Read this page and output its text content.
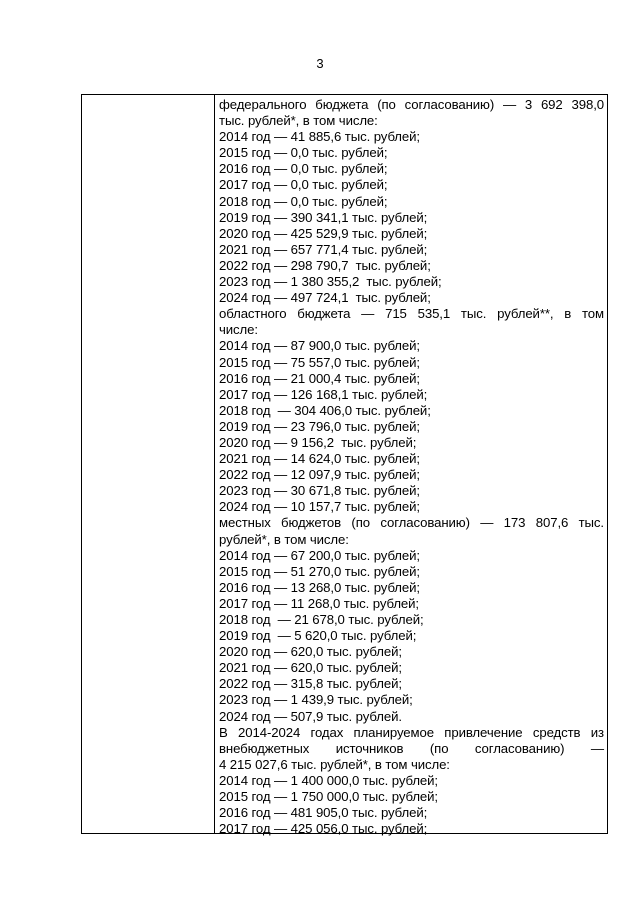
3
федерального бюджета (по согласованию) — 3 692 398,0
тыс. рублей*, в том числе:
2014 год — 41 885,6 тыс. рублей;
2015 год — 0,0 тыс. рублей;
2016 год — 0,0 тыс. рублей;
2017 год — 0,0 тыс. рублей;
2018 год — 0,0 тыс. рублей;
2019 год — 390 341,1 тыс. рублей;
2020 год — 425 529,9 тыс. рублей;
2021 год — 657 771,4 тыс. рублей;
2022 год — 298 790,7  тыс. рублей;
2023 год — 1 380 355,2  тыс. рублей;
2024 год — 497 724,1  тыс. рублей;
областного бюджета — 715 535,1 тыс. рублей**, в том
числе:
2014 год — 87 900,0 тыс. рублей;
2015 год — 75 557,0 тыс. рублей;
2016 год — 21 000,4 тыс. рублей;
2017 год — 126 168,1 тыс. рублей;
2018 год  — 304 406,0 тыс. рублей;
2019 год — 23 796,0 тыс. рублей;
2020 год — 9 156,2  тыс. рублей;
2021 год — 14 624,0 тыс. рублей;
2022 год — 12 097,9 тыс. рублей;
2023 год — 30 671,8 тыс. рублей;
2024 год — 10 157,7 тыс. рублей;
местных бюджетов (по согласованию) — 173 807,6 тыс.
рублей*, в том числе:
2014 год — 67 200,0 тыс. рублей;
2015 год — 51 270,0 тыс. рублей;
2016 год — 13 268,0 тыс. рублей;
2017 год — 11 268,0 тыс. рублей;
2018 год  — 21 678,0 тыс. рублей;
2019 год  — 5 620,0 тыс. рублей;
2020 год — 620,0 тыс. рублей;
2021 год — 620,0 тыс. рублей;
2022 год — 315,8 тыс. рублей;
2023 год — 1 439,9 тыс. рублей;
2024 год — 507,9 тыс. рублей.
В 2014-2024 годах планируемое привлечение средств из
внебюджетных источников (по согласованию) —
4 215 027,6 тыс. рублей*, в том числе:
2014 год — 1 400 000,0 тыс. рублей;
2015 год — 1 750 000,0 тыс. рублей;
2016 год — 481 905,0 тыс. рублей;
2017 год — 425 056,0 тыс. рублей;
